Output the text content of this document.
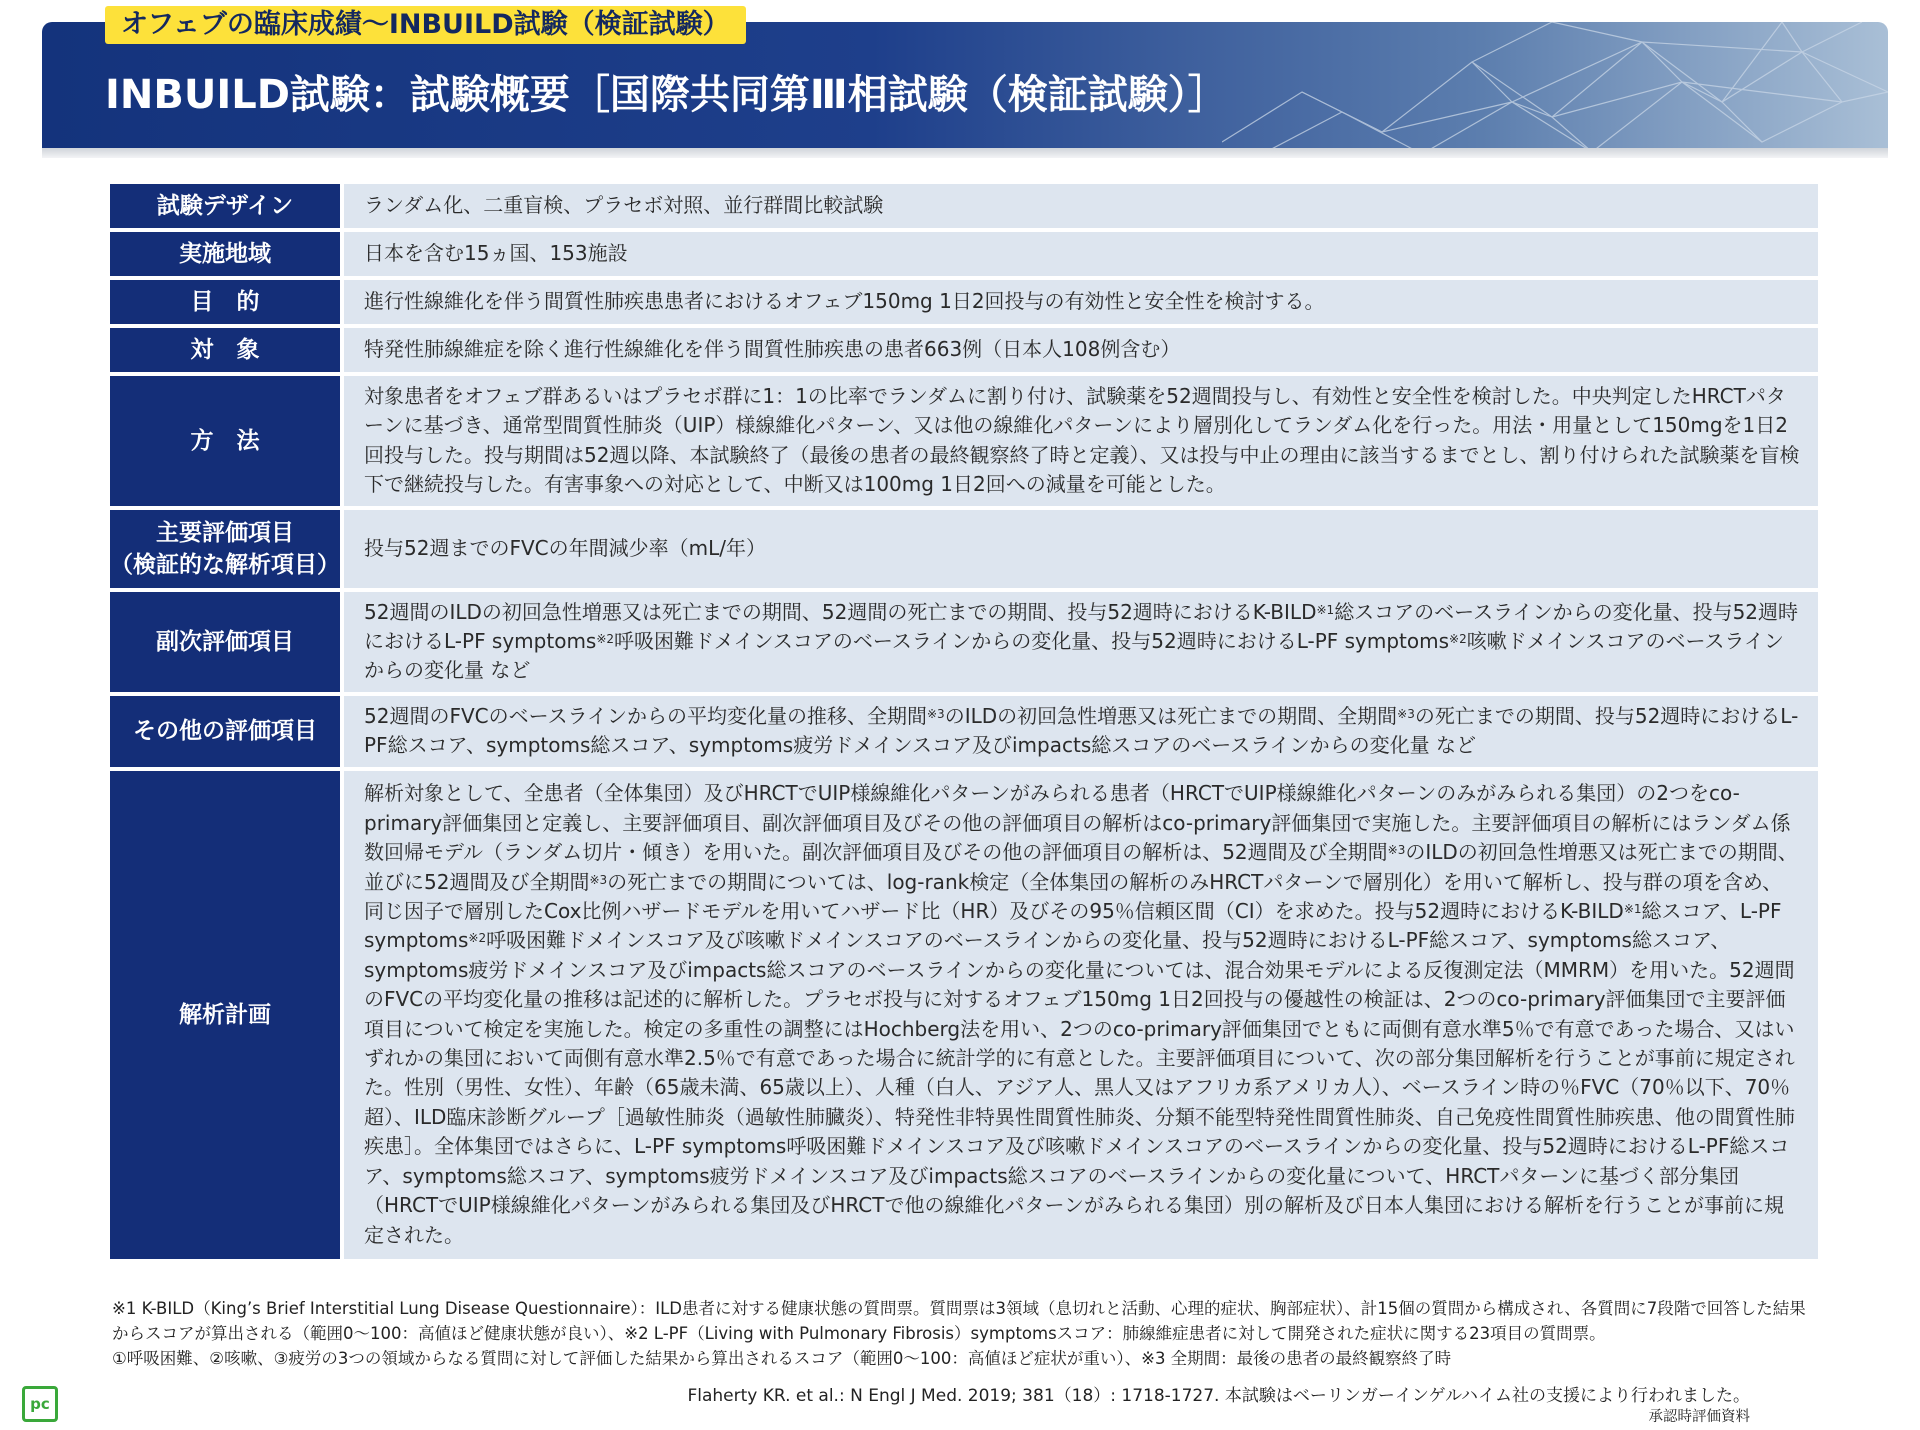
オフェブの臨床成績〜INBUILD試験（検証試験）
INBUILD試験：試験概要［国際共同第Ⅲ相試験（検証試験）］
試験デザイン	ランダム化、二重盲検、プラセボ対照、並行群間比較試験
実施地域	日本を含む15ヵ国、153施設
目　的	進行性線維化を伴う間質性肺疾患患者におけるオフェブ150mg 1日2回投与の有効性と安全性を検討する。
対　象	特発性肺線維症を除く進行性線維化を伴う間質性肺疾患の患者663例（日本人108例含む）
方　法	対象患者をオフェブ群あるいはプラセボ群に1：1の比率でランダムに割り付け、試験薬を52週間投与し、有効性と安全性を検討した。中央判定したHRCTパターンに基づき、通常型間質性肺炎（UIP）様線維化パターン、又は他の線維化パターンにより層別化してランダム化を行った。用法・用量として150mgを1日2回投与した。投与期間は52週以降、本試験終了（最後の患者の最終観察終了時と定義）、又は投与中止の理由に該当するまでとし、割り付けられた試験薬を盲検下で継続投与した。有害事象への対応として、中断又は100mg 1日2回への減量を可能とした。

主要評価項目
（検証的な解析項目）	投与52週までのFVCの年間減少率（mL/年）
副次評価項目	52週間のILDの初回急性増悪又は死亡までの期間、52週間の死亡までの期間、投与52週時におけるK-BILD$^{※1}$総スコアのベースラインからの変化量、投与52週時におけるL-PF symptoms$^{※2}$呼吸困難ドメインスコアのベースラインからの変化量、投与52週時におけるL-PF symptoms$^{※2}$咳嗽ドメインスコアのベースラインからの変化量 など
その他の評価項目	52週間のFVCのベースラインからの平均変化量の推移、全期間$^{※3}$のILDの初回急性増悪又は死亡までの期間、全期間$^{※3}$の死亡までの期間、投与52週時におけるL-PF総スコア、symptoms総スコア、symptoms疲労ドメインスコア及びimpacts総スコアのベースラインからの変化量 など
解析計画	解析対象として、全患者（全体集団）及びHRCTでUIP様線維化パターンがみられる患者（HRCTでUIP様線維化パターンのみがみられる集団）の2つをco-primary評価集団と定義し、主要評価項目、副次評価項目及びその他の評価項目の解析はco-primary評価集団で実施した。主要評価項目の解析にはランダム係数回帰モデル（ランダム切片・傾き）を用いた。副次評価項目及びその他の評価項目の解析は、52週間及び全期間$^{※3}$のILDの初回急性増悪又は死亡までの期間、並びに52週間及び全期間$^{※3}$の死亡までの期間については、log-rank検定（全体集団の解析のみHRCTパターンで層別化）を用いて解析し、投与群の項を含め、同じ因子で層別したCox比例ハザードモデルを用いてハザード比（HR）及びその95％信頼区間（CI）を求めた。投与52週時におけるK-BILD$^{※1}$総スコア、L-PF symptoms$^{※2}$呼吸困難ドメインスコア及び咳嗽ドメインスコアのベースラインからの変化量、投与52週時におけるL-PF総スコア、symptoms総スコア、symptoms疲労ドメインスコア及びimpacts総スコアのベースラインからの変化量については、混合効果モデルによる反復測定法（MMRM）を用いた。52週間のFVCの平均変化量の推移は記述的に解析した。プラセボ投与に対するオフェブ150mg 1日2回投与の優越性の検証は、2つのco-primary評価集団で主要評価項目について検定を実施した。検定の多重性の調整にはHochberg法を用い、2つのco-primary評価集団でともに両側有意水準5％で有意であった場合、又はいずれかの集団において両側有意水準2.5％で有意であった場合に統計学的に有意とした。主要評価項目について、次の部分集団解析を行うことが事前に規定された。性別（男性、女性）、年齢（65歳未満、65歳以上）、人種（白人、アジア人、黒人又はアフリカ系アメリカ人）、ベースライン時の％FVC（70％以下、70％超）、ILD臨床診断グループ［過敏性肺炎（過敏性肺臓炎）、特発性非特異性間質性肺炎、分類不能型特発性間質性肺炎、自己免疫性間質性肺疾患、他の間質性肺疾患］。全体集団ではさらに、L-PF symptoms呼吸困難ドメインスコア及び咳嗽ドメインスコアのベースラインからの変化量、投与52週時におけるL-PF総スコア、symptoms総スコア、symptoms疲労ドメインスコア及びimpacts総スコアのベースラインからの変化量について、HRCTパターンに基づく部分集団（HRCTでUIP様線維化パターンがみられる集団及びHRCTで他の線維化パターンがみられる集団）別の解析及び日本人集団における解析を行うことが事前に規定された。
※1 K-BILD（King’s Brief Interstitial Lung Disease Questionnaire）：ILD患者に対する健康状態の質問票。質問票は3領域（息切れと活動、心理的症状、胸部症状）、計15個の質問から構成され、各質問に7段階で回答した結果からスコアが算出される（範囲0〜100：高値ほど健康状態が良い）、※2 L-PF（Living with Pulmonary Fibrosis）symptomsスコア：肺線維症患者に対して開発された症状に関する23項目の質問票。
①呼吸困難、②咳嗽、③疲労の3つの領域からなる質問に対して評価した結果から算出されるスコア（範囲0〜100：高値ほど症状が重い）、※3 全期間：最後の患者の最終観察終了時
Flaherty KR. et al.: N Engl J Med. 2019; 381（18）: 1718-1727. 本試験はベーリンガーインゲルハイム社の支援により行われました。
承認時評価資料
pc
